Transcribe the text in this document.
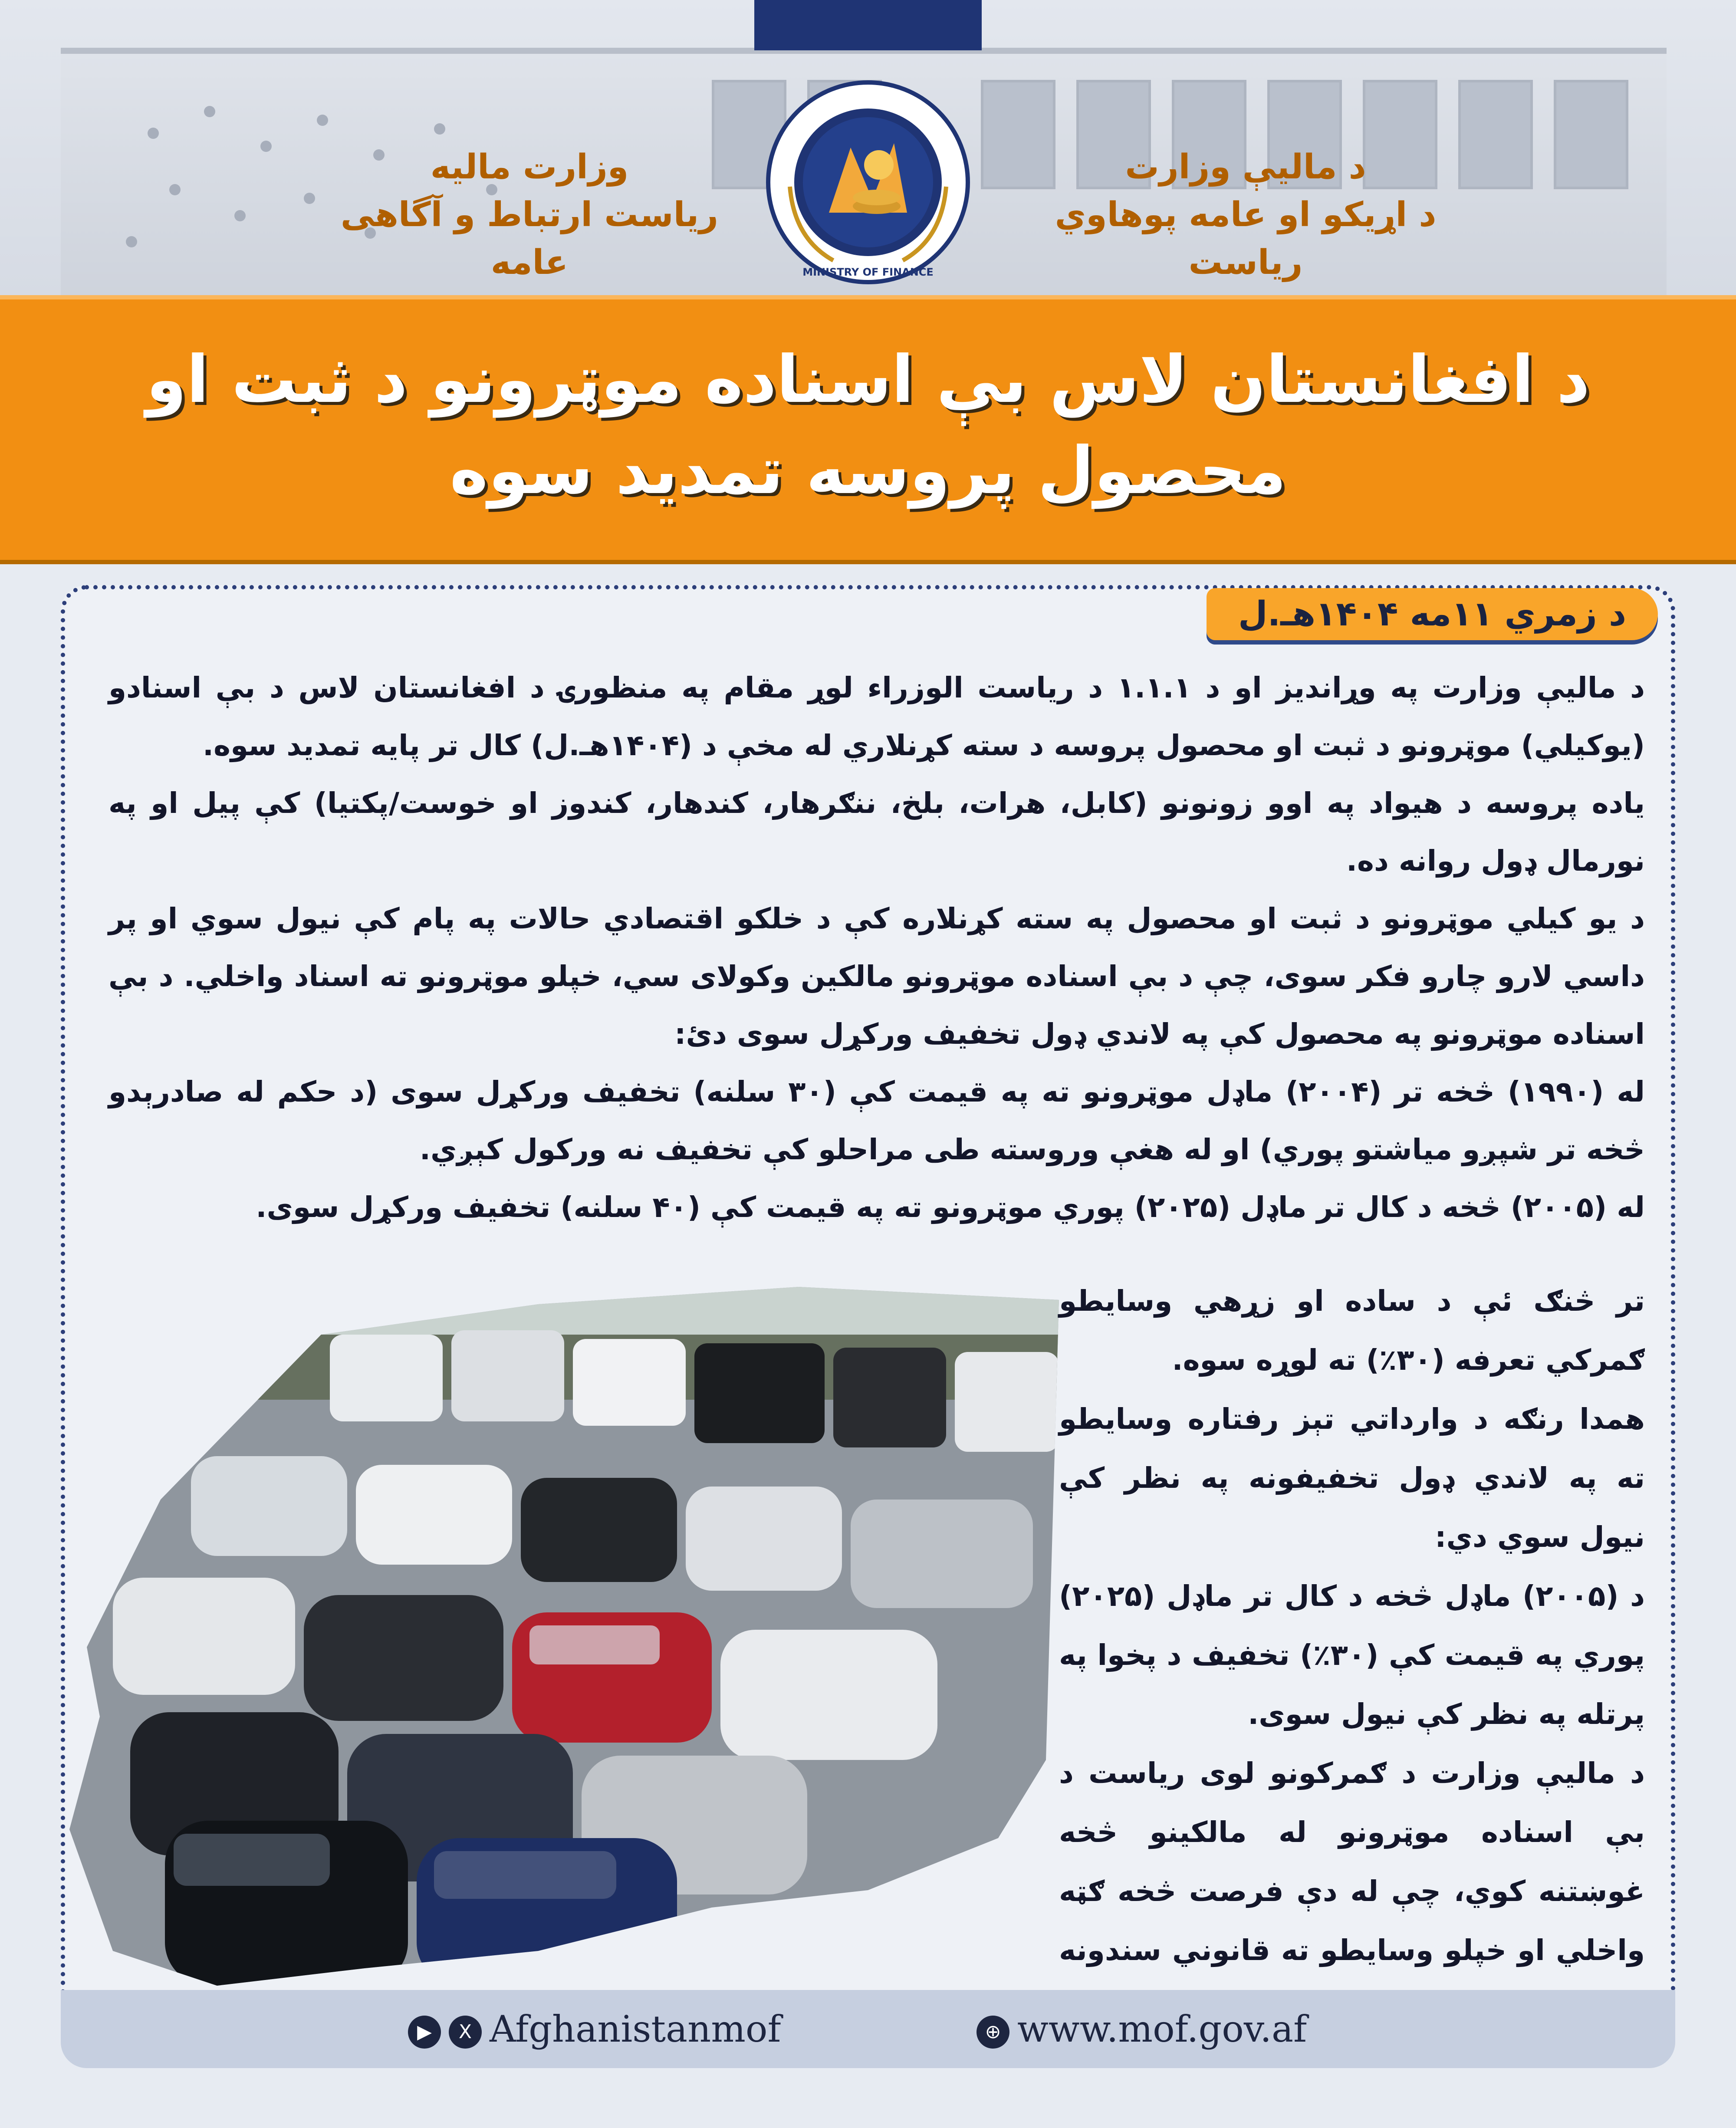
وزارت مالیه
ریاست ارتباط و آگاهی عامه
د مالیې وزارت
د اړیکو او عامه پوهاوي ریاست
MINISTRY OF FINANCE
د افغانستان لاس بې اسناده موټرونو د ثبت او محصول پروسه تمدید سوه
د زمري ۱۱مه ۱۴۰۴هـ.ل

د مالیې وزارت په وړاندیز او د ۱.۱.۱ د ریاست الوزراء لوړ مقام په منظورۍ د افغانستان لاس د بې اسنادو (یوکیلي) موټرونو د ثبت او محصول پروسه د سته کړنلاري له مخې د (۱۴۰۴هـ.ل) کال تر پایه تمدید سوه.

یاده پروسه د هیواد په اوو زونونو (کابل، هرات، بلخ، ننګرهار، کندهار، کندوز او خوست/پکتیا) کې پیل او په نورمال ډول روانه ده.

د یو کیلي موټرونو د ثبت او محصول په سته کړنلاره کې د خلکو اقتصادي حالات په پام کې نیول سوي او پر داسي لارو چارو فکر سوی، چې د بې اسناده موټرونو مالکین وکولای سي، خپلو موټرونو ته اسناد واخلي. د بې اسناده موټرونو په محصول کې په لاندي ډول تخفیف ورکړل سوی دئ:

له (۱۹۹۰) څخه تر (۲۰۰۴) ماډل موټرونو ته په قیمت کې (۳۰ سلنه) تخفیف ورکړل سوی (د حکم له صادرېدو څخه تر شپږو میاشتو پوري) او له هغې وروسته طی مراحلو کې تخفیف نه ورکول کېږي.

له (۲۰۰۵) څخه د کال تر ماډل (۲۰۲۵) پوري موټرونو ته په قیمت کې (۴۰ سلنه) تخفیف ورکړل سوی.

تر څنګ ئې د ساده او زړهي وسایطو ګمرکي تعرفه (۳۰٪) ته لوړه سوه.

همدا رنګه د وارداتي تېز رفتاره وسایطو ته په لاندي ډول تخفیفونه په نظر کې نیول سوي دي:

د (۲۰۰۵) ماډل څخه د کال تر ماډل (۲۰۲۵) پوري په قیمت کې (۳۰٪) تخفیف د پخوا په پرتله په نظر کې نیول سوی.

د مالیې وزارت د ګمرکونو لوی ریاست د بې اسناده موټرونو له مالکینو څخه غوښتنه کوي، چې له دې فرصت څخه ګټه واخلي او خپلو وسایطو ته قانوني سندونه

▶ X Afghanistanmof	⊕ www.mof.gov.af
